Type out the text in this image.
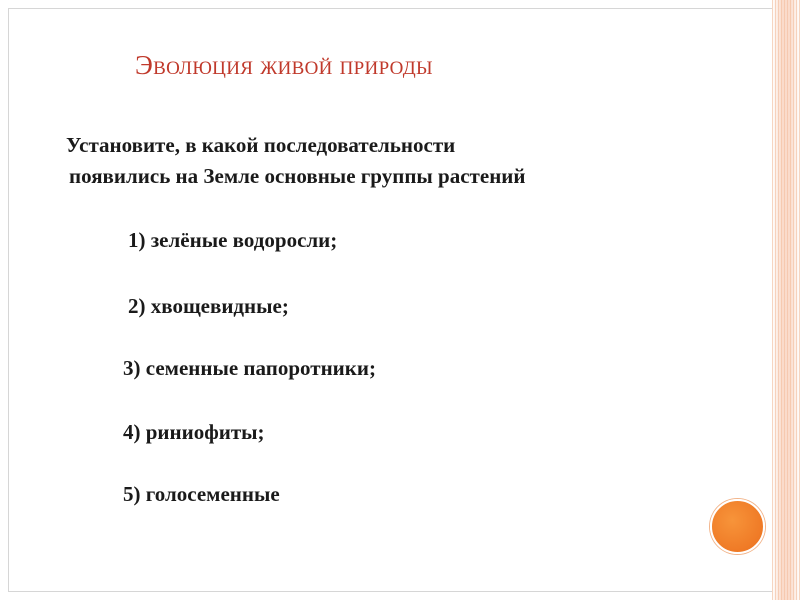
Эволюция живой природы
Установите, в какой последовательности
появились на Земле основные группы растений
1) зелёные водоросли;
2) хвощевидные;
3) семенные папоротники;
4) риниофиты;
5) голосеменные
